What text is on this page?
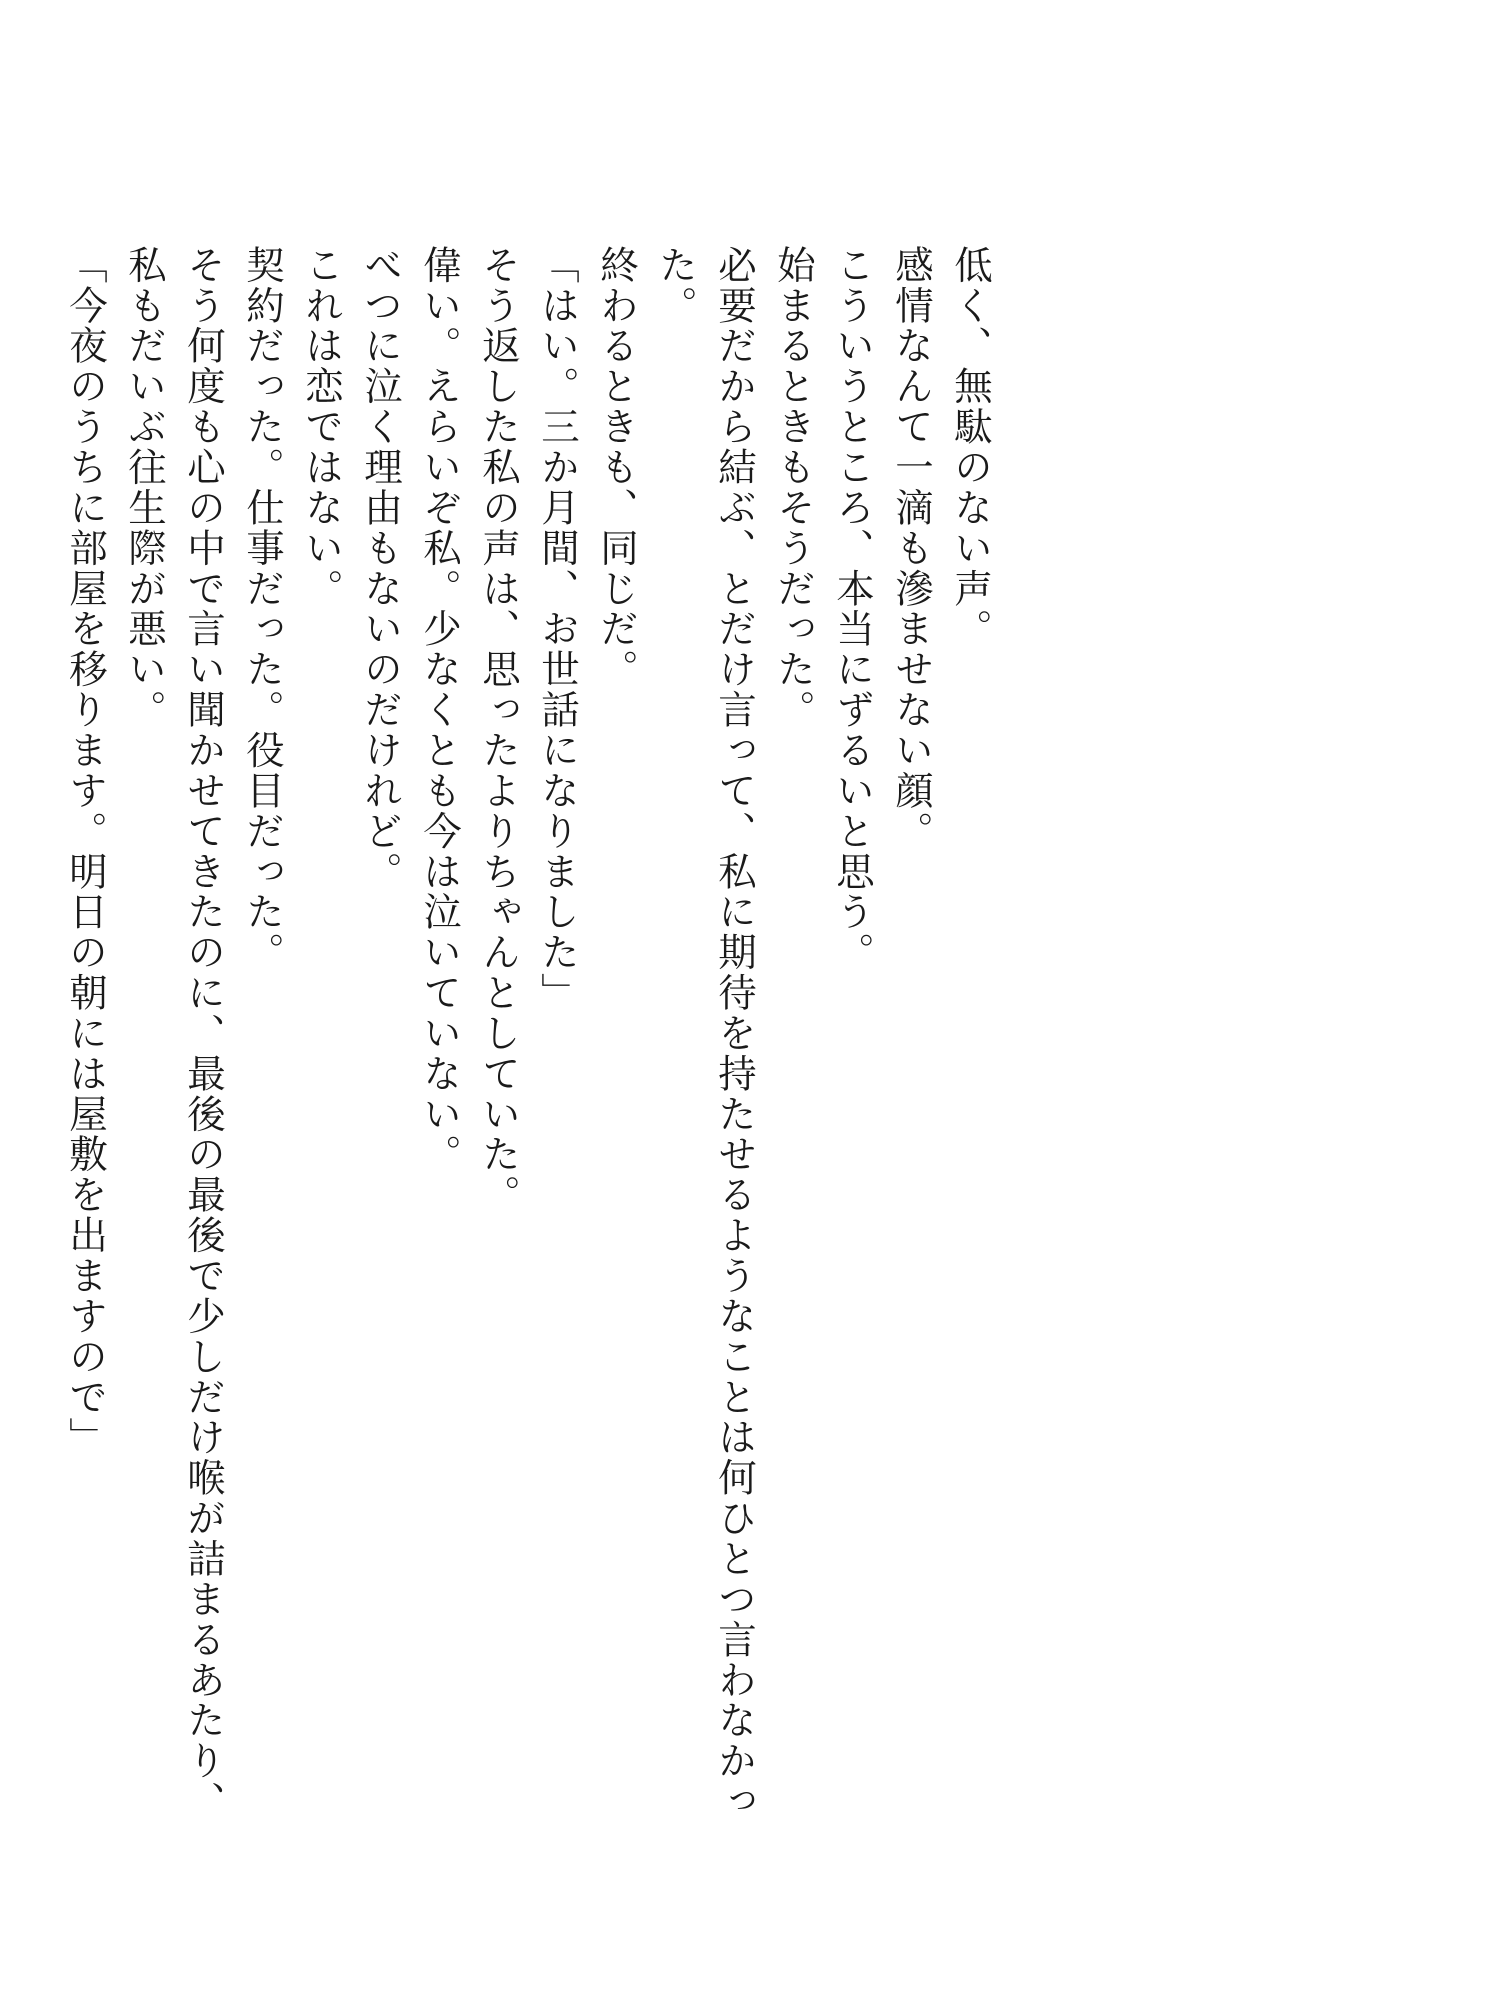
低く、無駄のない声。

感情なんて一滴も滲ませない顔。

こういうところ、本当にずるいと思う。

始まるときもそうだった。

必要だから結ぶ、とだけ言って、私に期待を持たせるようなことは何ひとつ言わなかった。

終わるときも、同じだ。

「はい。三か月間、お世話になりました」

そう返した私の声は、思ったよりちゃんとしていた。

偉い。えらいぞ私。少なくとも今は泣いていない。

べつに泣く理由もないのだけれど。

これは恋ではない。

契約だった。仕事だった。役目だった。

そう何度も心の中で言い聞かせてきたのに、最後の最後で少しだけ喉が詰まるあたり、私もだいぶ往生際が悪い。

「今夜のうちに部屋を移ります。明日の朝には屋敷を出ますので」
